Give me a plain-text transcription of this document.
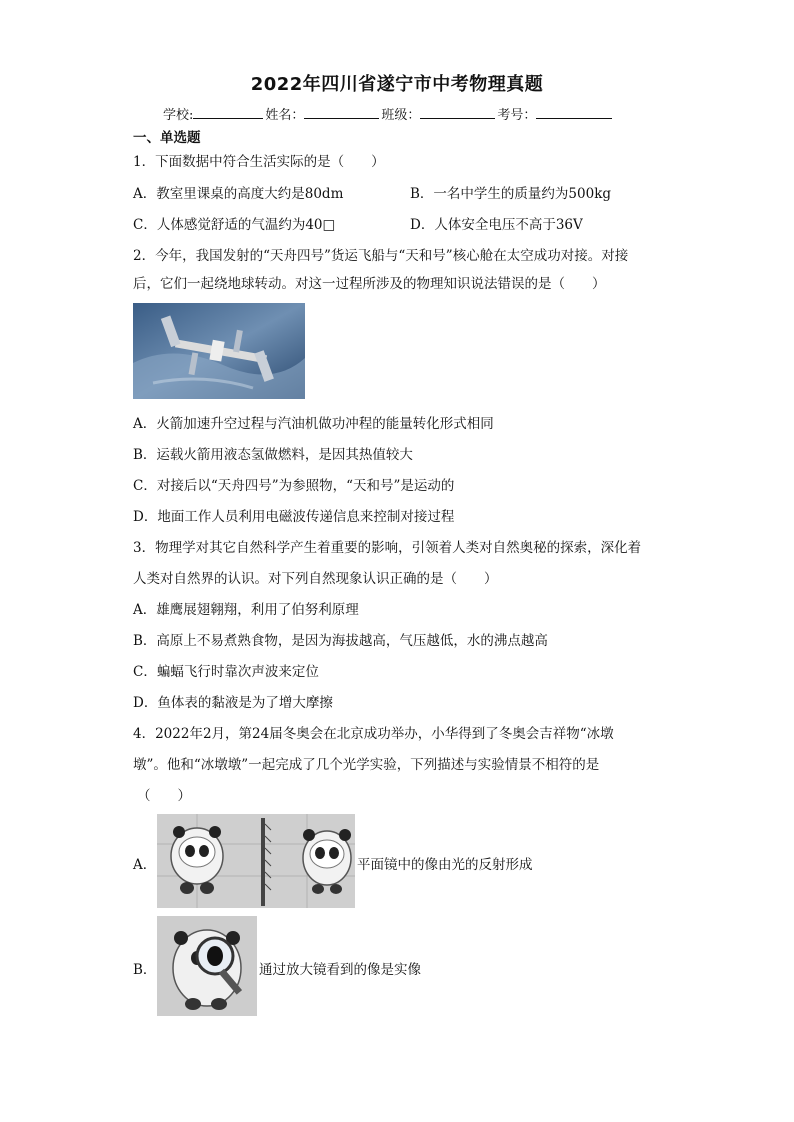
2022年四川省遂宁市中考物理真题
学校:	姓名：	班级：	考号：
一、单选题
1．下面数据中符合生活实际的是（　　）
A．教室里课桌的高度大约是80dm	B．一名中学生的质量约为500kg
C．人体感觉舒适的气温约为40□	D．人体安全电压不高于36V
2．今年，我国发射的“天舟四号”货运飞船与“天和号”核心舱在太空成功对接。对接
后，它们一起绕地球转动。对这一过程所涉及的物理知识说法错误的是（　　）
A．火箭加速升空过程与汽油机做功冲程的能量转化形式相同
B．运载火箭用液态氢做燃料，是因其热值较大
C．对接后以“天舟四号”为参照物，“天和号”是运动的
D．地面工作人员利用电磁波传递信息来控制对接过程
3．物理学对其它自然科学产生着重要的影响，引领着人类对自然奥秘的探索，深化着
人类对自然界的认识。对下列自然现象认识正确的是（　　）
A．雄鹰展翅翱翔，利用了伯努利原理
B．高原上不易煮熟食物，是因为海拔越高，气压越低，水的沸点越高
C．蝙蝠飞行时靠次声波来定位
D．鱼体表的黏液是为了增大摩擦
4．2022年2月，第24届冬奥会在北京成功举办，小华得到了冬奥会吉祥物“冰墩
墩”。他和“冰墩墩”一起完成了几个光学实验，下列描述与实验情景不相符的是
（　　）
A．	平面镜中的像由光的反射形成
B．	通过放大镜看到的像是实像
